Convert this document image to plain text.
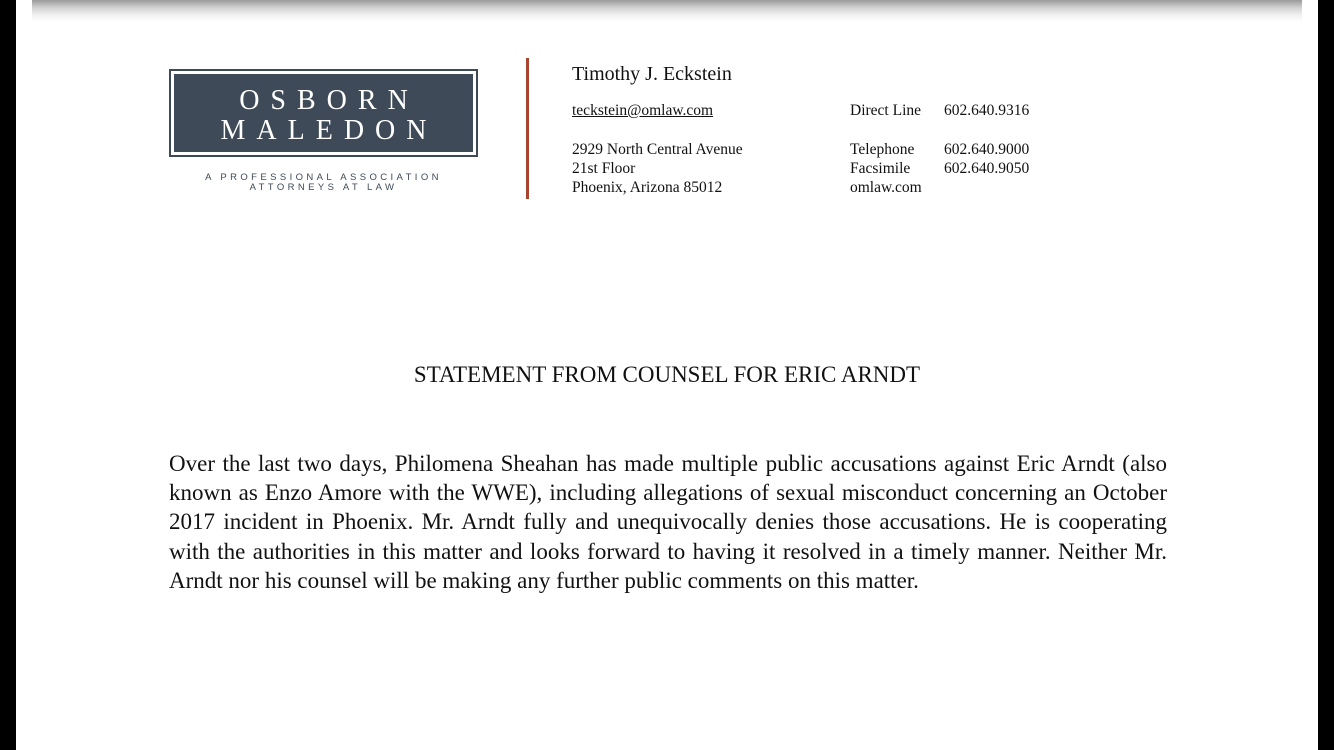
OSBORN
MALEDON
A PROFESSIONAL ASSOCIATION
ATTORNEYS AT LAW
Timothy J. Eckstein
teckstein@omlaw.com
2929 North Central Avenue
21st Floor
Phoenix, Arizona 85012
Direct Line 602.640.9316
Telephone 602.640.9000
Facsimile 602.640.9050
omlaw.com
STATEMENT FROM COUNSEL FOR ERIC ARNDT

Over the last two days, Philomena Sheahan has made multiple public accusations against Eric Arndt (also known as Enzo Amore with the WWE), including allegations of sexual misconduct concerning an October 2017 incident in Phoenix. Mr. Arndt fully and unequivocally denies those accusations. He is cooperating with the authorities in this matter and looks forward to having it resolved in a timely manner. Neither Mr. Arndt nor his counsel will be making any further public comments on this matter.
